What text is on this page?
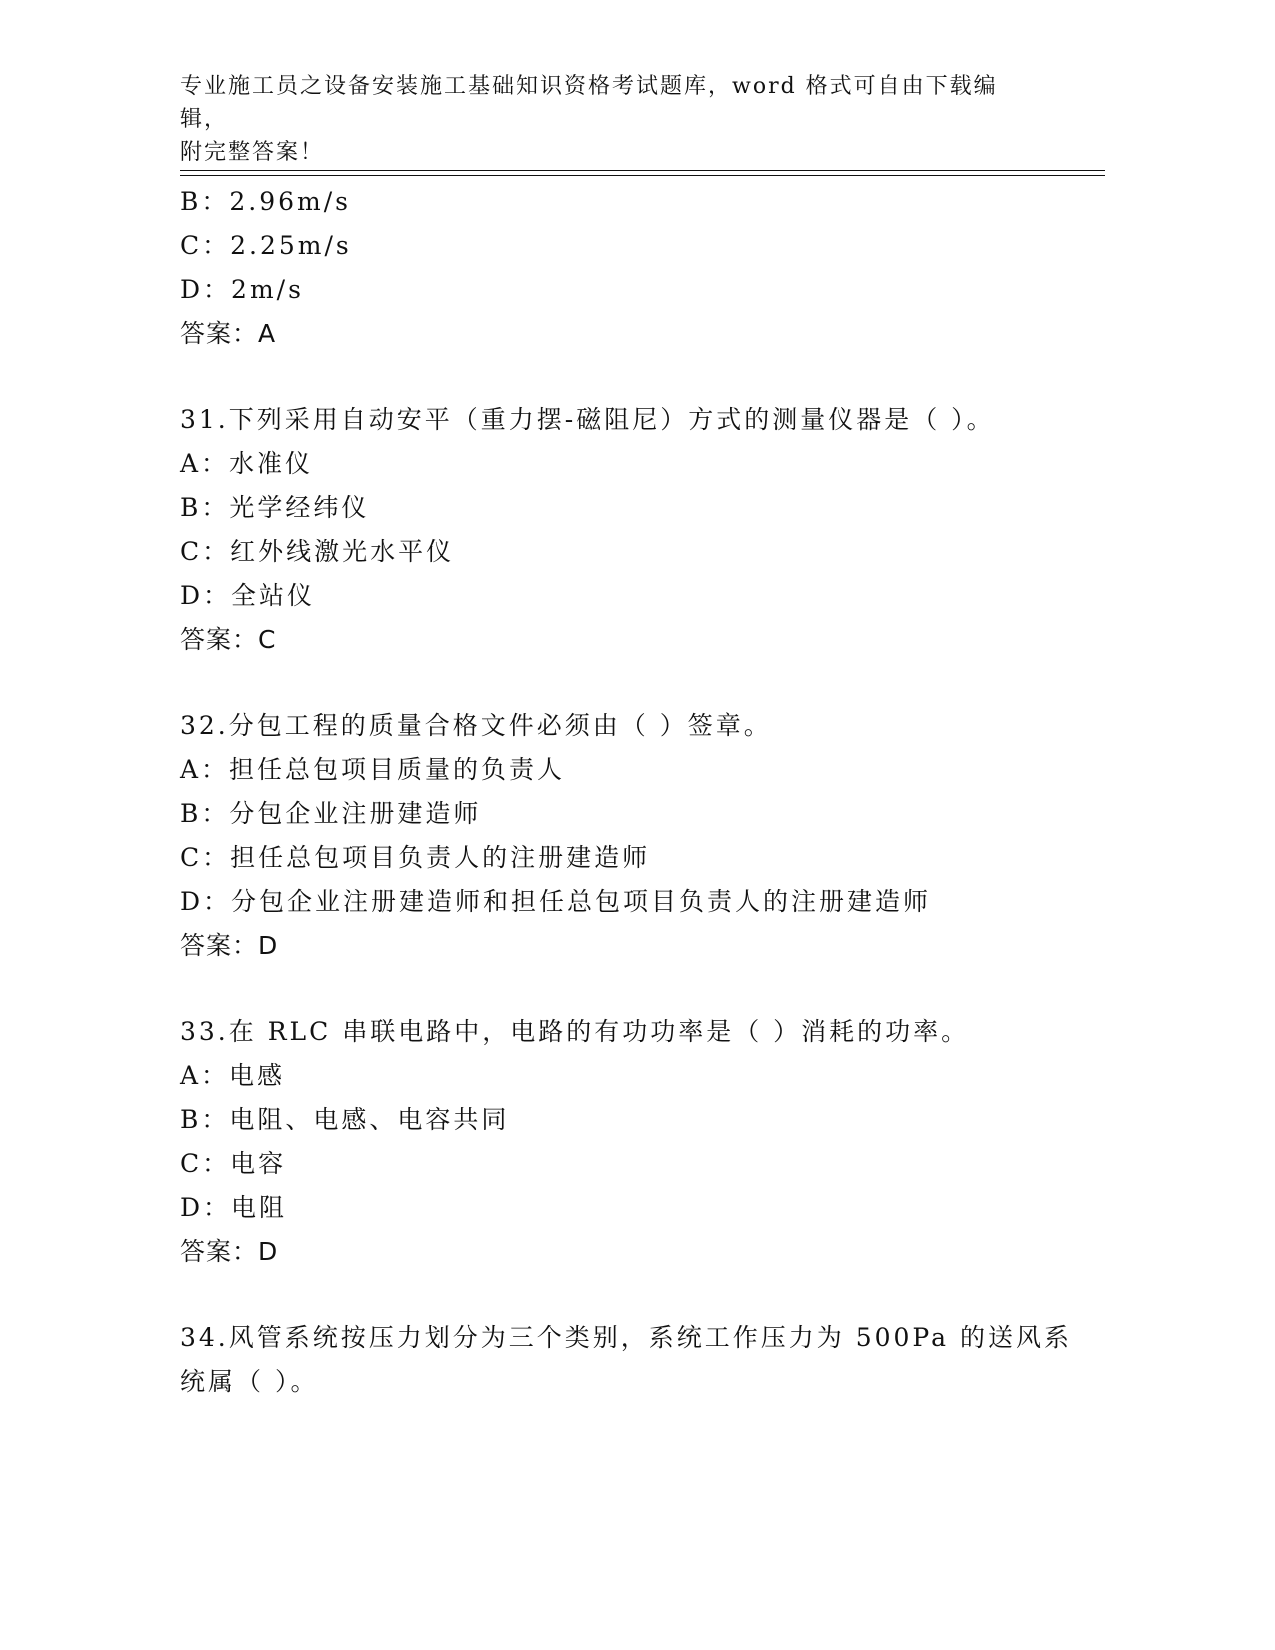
专业施工员之设备安装施工基础知识资格考试题库，word 格式可自由下载编辑，
附完整答案！
B：2.96m/s
C：2.25m/s
D：2m/s
答案：A
31.下列采用自动安平（重力摆-磁阻尼）方式的测量仪器是（ ）。
A：水准仪
B：光学经纬仪
C：红外线激光水平仪
D：全站仪
答案：C
32.分包工程的质量合格文件必须由（ ）签章。
A：担任总包项目质量的负责人
B：分包企业注册建造师
C：担任总包项目负责人的注册建造师
D：分包企业注册建造师和担任总包项目负责人的注册建造师
答案：D
33.在 RLC 串联电路中，电路的有功功率是（ ）消耗的功率。
A：电感
B：电阻、电感、电容共同
C：电容
D：电阻
答案：D
34.风管系统按压力划分为三个类别，系统工作压力为 500Pa 的送风系
统属（ ）。
